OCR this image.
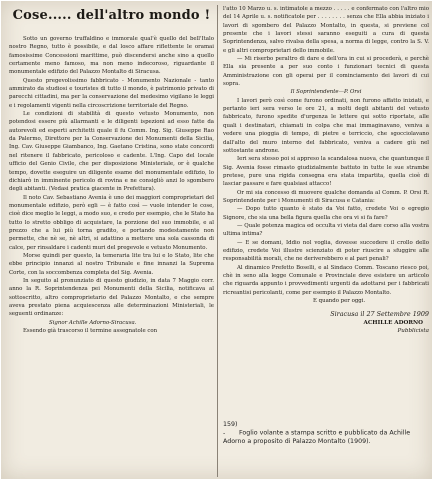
Cose..... dell'altro mondo !

Sotto un governo truffaldino e immorale qual'è quello del bell'Italo nostro Regno, tutto è possibile, e dal losco affare riflettente le oramai famosissime Concessioni marittime, può discendersi anche sino a quello certamente meno famoso, ma non meno indecoroso, riguardante il monumentale edifizio del Palazzo Montalto di Siracusa.

Questo pregevolissimo fabbricato - Monumento Nazionale - tanto ammirato da studiosi e touristes di tutto il mondo, è patrimonio privato di parecchi cittadini, ma per la conservazione del medesimo vigilano le leggi e i regolamenti vigenti nella circoscrizione territoriale del Regno.

Le condizioni di stabilità di questo vetusto Monumento, non potendosi essere più allarmanti e le diligenti ispezioni ad esso fatte da autorevoli ed esperti architetti quale il fu Comm. Ing. Sig. Giuseppe Rao da Palermo, Direttore per la Conservazione dei Monumenti della Sicilia, Ing. Cav. Giuseppe Giambanco, Ing. Gaetano Cristina, sono state concordi nel ritenere il fabbricato, pericoloso e cadente. L'Ing. Capo del locale ufficio del Genio Civile, che per disposizione Ministeriale, or è qualche tempo, dovette eseguire un diligente esame del monumentale edifizio, lo dichiarò in imminente pericolo di rovina e ne consigliò anzi lo sgombero degli abitanti. (Vedasi pratica giacente in Prefettura).

Il noto Cav. Sebastiano Avenia è uno dei maggiori comproprietari del monumentale edifizio, però egli — è fatto così — vuole intender le cose, cioè dice meglio le leggi, a modo suo, e credo per esempio, che le Stato ha tutto lo stretto obbligo di acquistare, la porzione del suo immobile, e al prezzo che a lui più torna gradito, e portando modestamente non permette, che nè se, nè altri, si adattino a mettere una sola cassonda di calce, per rinsaldare i cadenti muri del pregevole e vetusto Monumento.

Morse quindi per questo, la temeraria lite tra lui e lo Stato, lite che ebbe principio innanzi al nostro Tribunale e fine innanzi la Suprema Corte, con la soccombenza completa del Sig. Avenia.

In seguito al pronunziato di questo giudizio, in data 7 Maggio corr. anno la R. Soprintendenza pei Monumenti della Sicilia, notificava al sottoscritto, altro comproprietario del Palazzo Montalto, e che sempre aveva prestato piena acquiescenza alle determinazioni Ministeriali, le seguenti ordinanze:

Signor Achille Adorno-Siracusa.

Essendo già trascorso il termine assegnatole con

l'atto 10 Marzo u. s. intimatole a mezzo . . . . . e confermato con l'altro mio del 14 Aprile u. s. notificatole per . . . . . . . . senza che Ella abbia iniziato i lavori di sgombero del Palazzo Montalto, in questa, si previene col presente che i lavori stessi saranno eseguiti a cura di questa Soprintendenza, salvo rivalsa della spesa, a norma di legge, contro la S. V. e gli altri comproprietari dello immobile.

— Mi riserbo peraltro di dare e dell'ora in cui si procederà, e perchè Ella sia presente a per suo conto i funzionari tecnici di questa Amministrazione con gli operai per il cominciamento dei lavori di cui sopra.

Il Soprintendente—P. Orsi

I lavori però così come furono ordinati, non furono affatto iniziati, e pertanto ieri sera verso le ore 21, a molti degli abitanti del vetusto fabbricato, furono spedite d'urgenza le lettere qui sotto riportate, alle quali i destinatari, chiamati in colpa che mai immaginavano, veniva a vedere una pioggia di tempo, di pietre e terriccio, che sgocciolavano dall'alto del muro interno del fabbricato, veniva a cadere giù nel sottostante androne.

Ieri sera stesso poi si appreso la scandalosa nuova, che quantunque il Sig. Avenia fosse rimasto giudizialmente battuto in tutte le sue strambe pretese, pure una rigida consegna era stata impartita, quella cioè di lasciar passare e fare qualsiasi attacco!

Or mi sia concesso di muovere qualche domanda al Comm. P. Orsi R. Soprintendente per i Monumenti di Siracusa e Catania:

— Dopo tutto quanto è stato da Voi fatto, credete Voi o egregio Signore, che sia una bella figura quella che ora vi si fa fare?

— Quale potenza magica ed occulta vi vieta dal dare corso alla vostra ultima intima?

— E se domani, Iddio nol voglia, dovesse succedere il crollo dello edifizio, credete Voi illustre scienziato di poter riuscire a sfuggire alle responsabilità morali, che ne deriverebbero e al pari penali?

Al dinamico Prefetto Boselli, e al Sindaco Comm. Toscano riesco poi, chè in seno alla legge Comunale e Provinciale deve esistere un articolo che riguarda appunto i provvedimenti urgenti da adottarsi per i fabbricati ricreantisi pericolanti, come per esempio il Palazzo Montalto.

E quando per oggi.

Siracusa il 27 Settembre 1909

ACHILLE ADORNO

Pubblicista

159) - Foglio volante a stampa scritto e pubblicato da Achille Adorno a proposito di Palazzo Montalto (1909).
